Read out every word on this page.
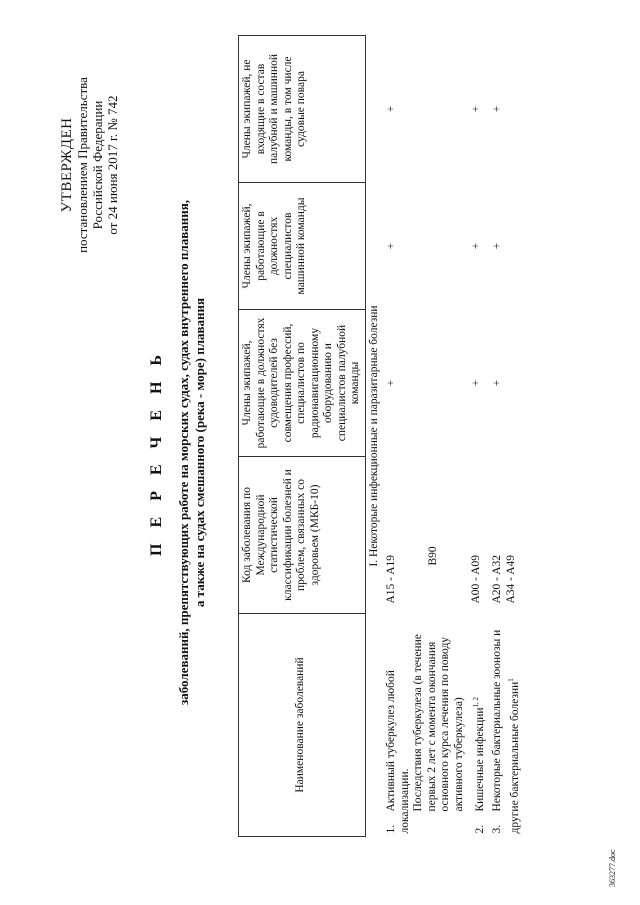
УТВЕРЖДЕН постановлением Правительства Российской Федерации от 24 июня 2017 г. № 742
П Е Р Е Ч Е Н Ь заболеваний, препятствующих работе на морских судах, судах внутреннего плавания, а также на судах смешанного (река - море) плавания
Наименование заболеваний	Код заболевания по Международной статистической классификации болезней и проблем, связанных со здоровьем (МКБ-10)	Члены экипажей, работающие в должностях судоводителей без совмещения профессий, специалистов по радионавигационному оборудованию и специалистов палубной команды	Члены экипажей, работающие в должностях специалистов машинной команды	Члены экипажей, не входящие в состав палубной и машинной команды, в том числе судовые повара
I. Некоторые инфекционные и паразитарные болезни				
1.Активный туберкулез любой локализации. Последствия туберкулеза (в течение первых 2 лет с момента окончания основного курса лечения по поводу активного туберкулеза)	A15 - A19 B90	+	+	+
2.Кишечные инфекции$^{1, 2}$	A00 - A09	+	+	+
3.Некоторые бактериальные зоонозы и другие бактериальные болезни$^1$	A20 - A32 A34 - A49	+	+	+
363277.doc
